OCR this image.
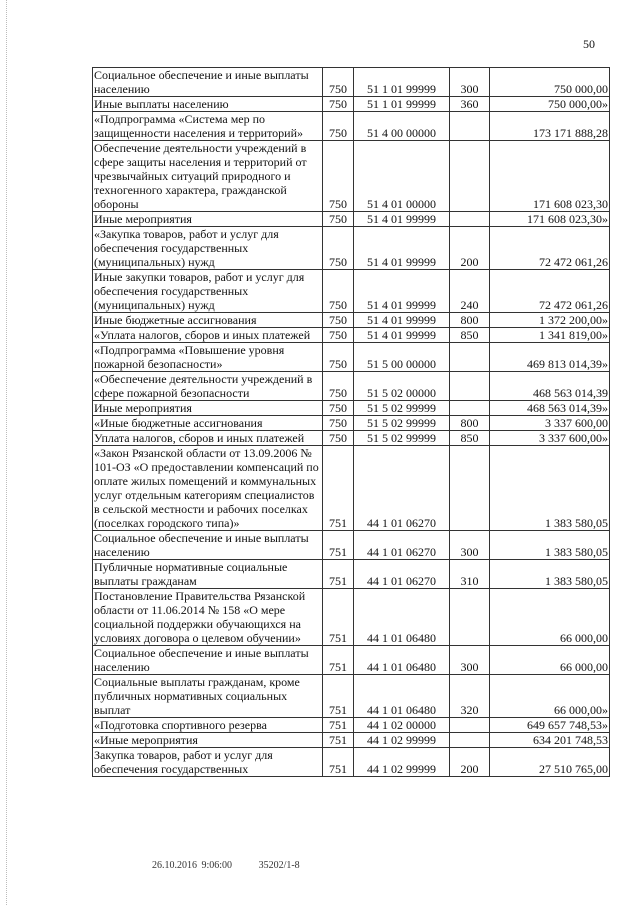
50
Социальное обеспечение и иные выплаты населению	750	51 1 01 99999	300	750 000,00
Иные выплаты населению	750	51 1 01 99999	360	750 000,00»
«Подпрограмма «Система мер по защищенности населения и территорий»	750	51 4 00 00000		173 171 888,28
Обеспечение деятельности учреждений в сфере защиты населения и территорий от чрезвычайных ситуаций природного и техногенного характера, гражданской обороны	750	51 4 01 00000		171 608 023,30
Иные мероприятия	750	51 4 01 99999		171 608 023,30»
«Закупка товаров, работ и услуг для обеспечения государственных (муниципальных) нужд	750	51 4 01 99999	200	72 472 061,26
Иные закупки товаров, работ и услуг для обеспечения государственных (муниципальных) нужд	750	51 4 01 99999	240	72 472 061,26
Иные бюджетные ассигнования	750	51 4 01 99999	800	1 372 200,00»
«Уплата налогов, сборов и иных платежей	750	51 4 01 99999	850	1 341 819,00»
«Подпрограмма «Повышение уровня пожарной безопасности»	750	51 5 00 00000		469 813 014,39»
«Обеспечение деятельности учреждений в сфере пожарной безопасности	750	51 5 02 00000		468 563 014,39
Иные мероприятия	750	51 5 02 99999		468 563 014,39»
«Иные бюджетные ассигнования	750	51 5 02 99999	800	3 337 600,00
Уплата налогов, сборов и иных платежей	750	51 5 02 99999	850	3 337 600,00»
«Закон Рязанской области от 13.09.2006 № 101-ОЗ «О предоставлении компенсаций по оплате жилых помещений и коммунальных услуг отдельным категориям специалистов в сельской местности и рабочих поселках (поселках городского типа)»	751	44 1 01 06270		1 383 580,05
Социальное обеспечение и иные выплаты населению	751	44 1 01 06270	300	1 383 580,05
Публичные нормативные социальные выплаты гражданам	751	44 1 01 06270	310	1 383 580,05
Постановление Правительства Рязанской области от 11.06.2014 № 158 «О мере социальной поддержки обучающихся на условиях договора о целевом обучении»	751	44 1 01 06480		66 000,00
Социальное обеспечение и иные выплаты населению	751	44 1 01 06480	300	66 000,00
Социальные выплаты гражданам, кроме публичных нормативных социальных выплат	751	44 1 01 06480	320	66 000,00»
«Подготовка спортивного резерва	751	44 1 02 00000		649 657 748,53»
«Иные мероприятия	751	44 1 02 99999		634 201 748,53
Закупка товаров, работ и услуг для обеспечения государственных	751	44 1 02 99999	200	27 510 765,00
26.10.2016 9:06:00	35202/1-8
